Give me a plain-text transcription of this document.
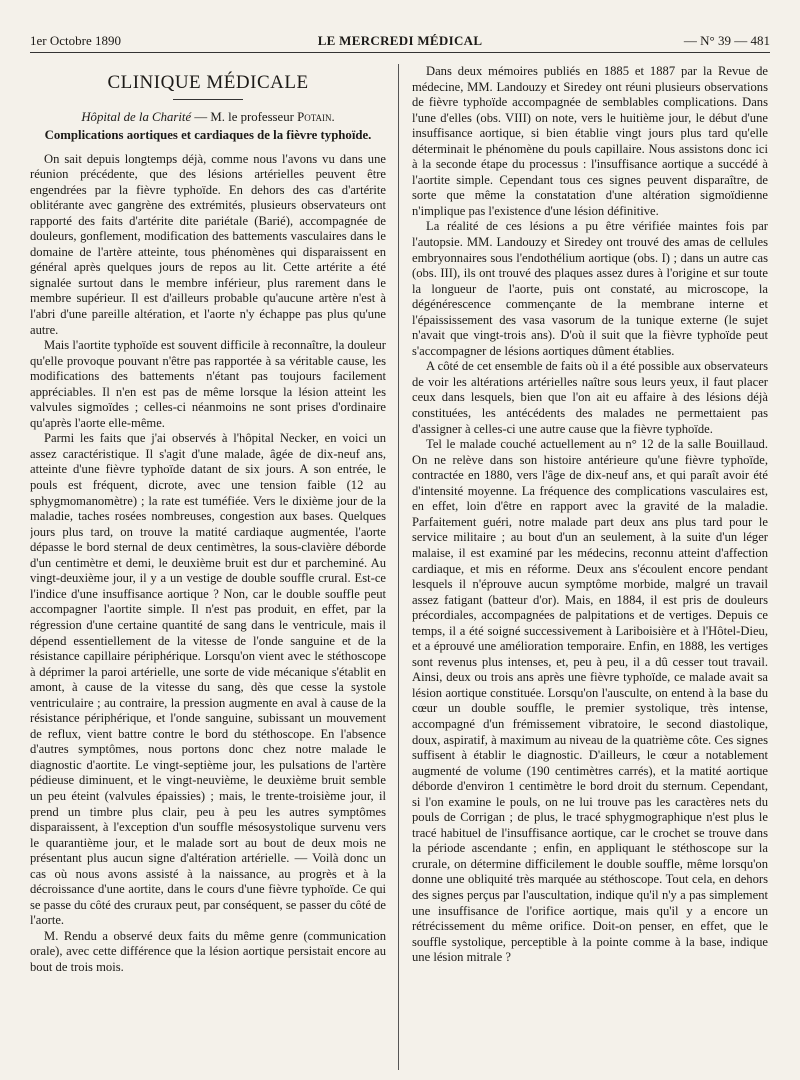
1er Octobre 1890	LE MERCREDI MÉDICAL	— N° 39 — 481
CLINIQUE MÉDICALE
Hôpital de la Charité — M. le professeur Potain.
Complications aortiques et cardiaques de la fièvre typhoïde.

On sait depuis longtemps déjà, comme nous l'avons vu dans une réunion précédente, que des lésions artérielles peuvent être engendrées par la fièvre typhoïde. En dehors des cas d'artérite oblitérante avec gangrène des extrémités, plusieurs observateurs ont rapporté des faits d'artérite dite pariétale (Barié), accompagnée de douleurs, gonflement, modification des battements vasculaires dans le domaine de l'artère atteinte, tous phénomènes qui disparaissent en général après quelques jours de repos au lit. Cette artérite a été signalée surtout dans le membre inférieur, plus rarement dans le membre supérieur. Il est d'ailleurs probable qu'aucune artère n'est à l'abri d'une pareille altération, et l'aorte n'y échappe pas plus qu'une autre.

Mais l'aortite typhoïde est souvent difficile à reconnaître, la douleur qu'elle provoque pouvant n'être pas rapportée à sa véritable cause, les modifications des battements n'étant pas toujours facilement appréciables. Il n'en est pas de même lorsque la lésion atteint les valvules sigmoïdes ; celles-ci néanmoins ne sont prises d'ordinaire qu'après l'aorte elle-même.

Parmi les faits que j'ai observés à l'hôpital Necker, en voici un assez caractéristique. Il s'agit d'une malade, âgée de dix-neuf ans, atteinte d'une fièvre typhoïde datant de six jours. A son entrée, le pouls est fréquent, dicrote, avec une tension faible (12 au sphygmomanomètre) ; la rate est tuméfiée. Vers le dixième jour de la maladie, taches rosées nombreuses, congestion aux bases. Quelques jours plus tard, on trouve la matité cardiaque augmentée, l'aorte dépasse le bord sternal de deux centimètres, la sous-clavière déborde d'un centimètre et demi, le deuxième bruit est dur et parcheminé. Au vingt-deuxième jour, il y a un vestige de double souffle crural. Est-ce l'indice d'une insuffisance aortique ? Non, car le double souffle peut accompagner l'aortite simple. Il n'est pas produit, en effet, par la régression d'une certaine quantité de sang dans le ventricule, mais il dépend essentiellement de la vitesse de l'onde sanguine et de la résistance capillaire périphérique. Lorsqu'on vient avec le stéthoscope à déprimer la paroi artérielle, une sorte de vide mécanique s'établit en amont, à cause de la vitesse du sang, dès que cesse la systole ventriculaire ; au contraire, la pression augmente en aval à cause de la résistance périphérique, et l'onde sanguine, subissant un mouvement de reflux, vient battre contre le bord du stéthoscope. En l'absence d'autres symptômes, nous portons donc chez notre malade le diagnostic d'aortite. Le vingt-septième jour, les pulsations de l'artère pédieuse diminuent, et le vingt-neuvième, le deuxième bruit semble un peu éteint (valvules épaissies) ; mais, le trente-troisième jour, il prend un timbre plus clair, peu à peu les autres symptômes disparaissent, à l'exception d'un souffle mésosystolique survenu vers le quarantième jour, et le malade sort au bout de deux mois ne présentant plus aucun signe d'altération artérielle. — Voilà donc un cas où nous avons assisté à la naissance, au progrès et à la décroissance d'une aortite, dans le cours d'une fièvre typhoïde. Ce qui se passe du côté des cruraux peut, par conséquent, se passer du côté de l'aorte.

M. Rendu a observé deux faits du même genre (communication orale), avec cette différence que la lésion aortique persistait encore au bout de trois mois.

Dans deux mémoires publiés en 1885 et 1887 par la Revue de médecine, MM. Landouzy et Siredey ont réuni plusieurs observations de fièvre typhoïde accompagnée de semblables complications. Dans l'une d'elles (obs. VIII) on note, vers le huitième jour, le début d'une insuffisance aortique, si bien établie vingt jours plus tard qu'elle déterminait le phénomène du pouls capillaire. Nous assistons donc ici à la seconde étape du processus : l'insuffisance aortique a succédé à l'aortite simple. Cependant tous ces signes peuvent disparaître, de sorte que même la constatation d'une altération sigmoïdienne n'implique pas l'existence d'une lésion définitive.

La réalité de ces lésions a pu être vérifiée maintes fois par l'autopsie. MM. Landouzy et Siredey ont trouvé des amas de cellules embryonnaires sous l'endothélium aortique (obs. I) ; dans un autre cas (obs. III), ils ont trouvé des plaques assez dures à l'origine et sur toute la longueur de l'aorte, puis ont constaté, au microscope, la dégénérescence commençante de la membrane interne et l'épaississement des vasa vasorum de la tunique externe (le sujet n'avait que vingt-trois ans). D'où il suit que la fièvre typhoïde peut s'accompagner de lésions aortiques dûment établies.

A côté de cet ensemble de faits où il a été possible aux observateurs de voir les altérations artérielles naître sous leurs yeux, il faut placer ceux dans lesquels, bien que l'on ait eu affaire à des lésions déjà constituées, les antécédents des malades ne permettaient pas d'assigner à celles-ci une autre cause que la fièvre typhoïde.

Tel le malade couché actuellement au n° 12 de la salle Bouillaud. On ne relève dans son histoire antérieure qu'une fièvre typhoïde, contractée en 1880, vers l'âge de dix-neuf ans, et qui paraît avoir été d'intensité moyenne. La fréquence des complications vasculaires est, en effet, loin d'être en rapport avec la gravité de la maladie. Parfaitement guéri, notre malade part deux ans plus tard pour le service militaire ; au bout d'un an seulement, à la suite d'un léger malaise, il est examiné par les médecins, reconnu atteint d'affection cardiaque, et mis en réforme. Deux ans s'écoulent encore pendant lesquels il n'éprouve aucun symptôme morbide, malgré un travail assez fatigant (batteur d'or). Mais, en 1884, il est pris de douleurs précordiales, accompagnées de palpitations et de vertiges. Depuis ce temps, il a été soigné successivement à Lariboisière et à l'Hôtel-Dieu, et a éprouvé une amélioration temporaire. Enfin, en 1888, les vertiges sont revenus plus intenses, et, peu à peu, il a dû cesser tout travail. Ainsi, deux ou trois ans après une fièvre typhoïde, ce malade avait sa lésion aortique constituée. Lorsqu'on l'ausculte, on entend à la base du cœur un double souffle, le premier systolique, très intense, accompagné d'un frémissement vibratoire, le second diastolique, doux, aspiratif, à maximum au niveau de la quatrième côte. Ces signes suffisent à établir le diagnostic. D'ailleurs, le cœur a notablement augmenté de volume (190 centimètres carrés), et la matité aortique déborde d'environ 1 centimètre le bord droit du sternum. Cependant, si l'on examine le pouls, on ne lui trouve pas les caractères nets du pouls de Corrigan ; de plus, le tracé sphygmographique n'est plus le tracé habituel de l'insuffisance aortique, car le crochet se trouve dans la période ascendante ; enfin, en appliquant le stéthoscope sur la crurale, on détermine difficilement le double souffle, même lorsqu'on donne une obliquité très marquée au stéthoscope. Tout cela, en dehors des signes perçus par l'auscultation, indique qu'il n'y a pas simplement une insuffisance de l'orifice aortique, mais qu'il y a encore un rétrécissement du même orifice. Doit-on penser, en effet, que le souffle systolique, perceptible à la pointe comme à la base, indique une lésion mitrale ?
